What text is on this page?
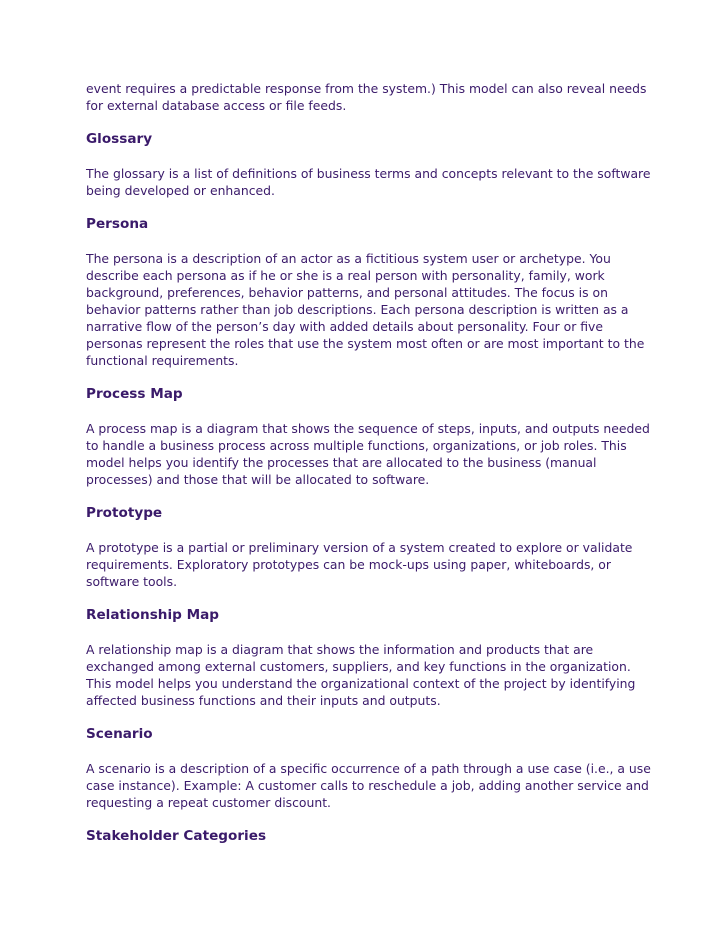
event requires a predictable response from the system.) This model can also reveal needs for external database access or file feeds.

Glossary

The glossary is a list of definitions of business terms and concepts relevant to the software being developed or enhanced.

Persona

The persona is a description of an actor as a fictitious system user or archetype. You describe each persona as if he or she is a real person with personality, family, work background, preferences, behavior patterns, and personal attitudes. The focus is on behavior patterns rather than job descriptions. Each persona description is written as a narrative flow of the person’s day with added details about personality. Four or five personas represent the roles that use the system most often or are most important to the functional requirements.

Process Map

A process map is a diagram that shows the sequence of steps, inputs, and outputs needed to handle a business process across multiple functions, organizations, or job roles. This model helps you identify the processes that are allocated to the business (manual processes) and those that will be allocated to software.

Prototype

A prototype is a partial or preliminary version of a system created to explore or validate requirements. Exploratory prototypes can be mock-ups using paper, whiteboards, or software tools.

Relationship Map

A relationship map is a diagram that shows the information and products that are exchanged among external customers, suppliers, and key functions in the organization. This model helps you understand the organizational context of the project by identifying affected business functions and their inputs and outputs.

Scenario

A scenario is a description of a specific occurrence of a path through a use case (i.e., a use case instance). Example: A customer calls to reschedule a job, adding another service and requesting a repeat customer discount.

Stakeholder Categories
